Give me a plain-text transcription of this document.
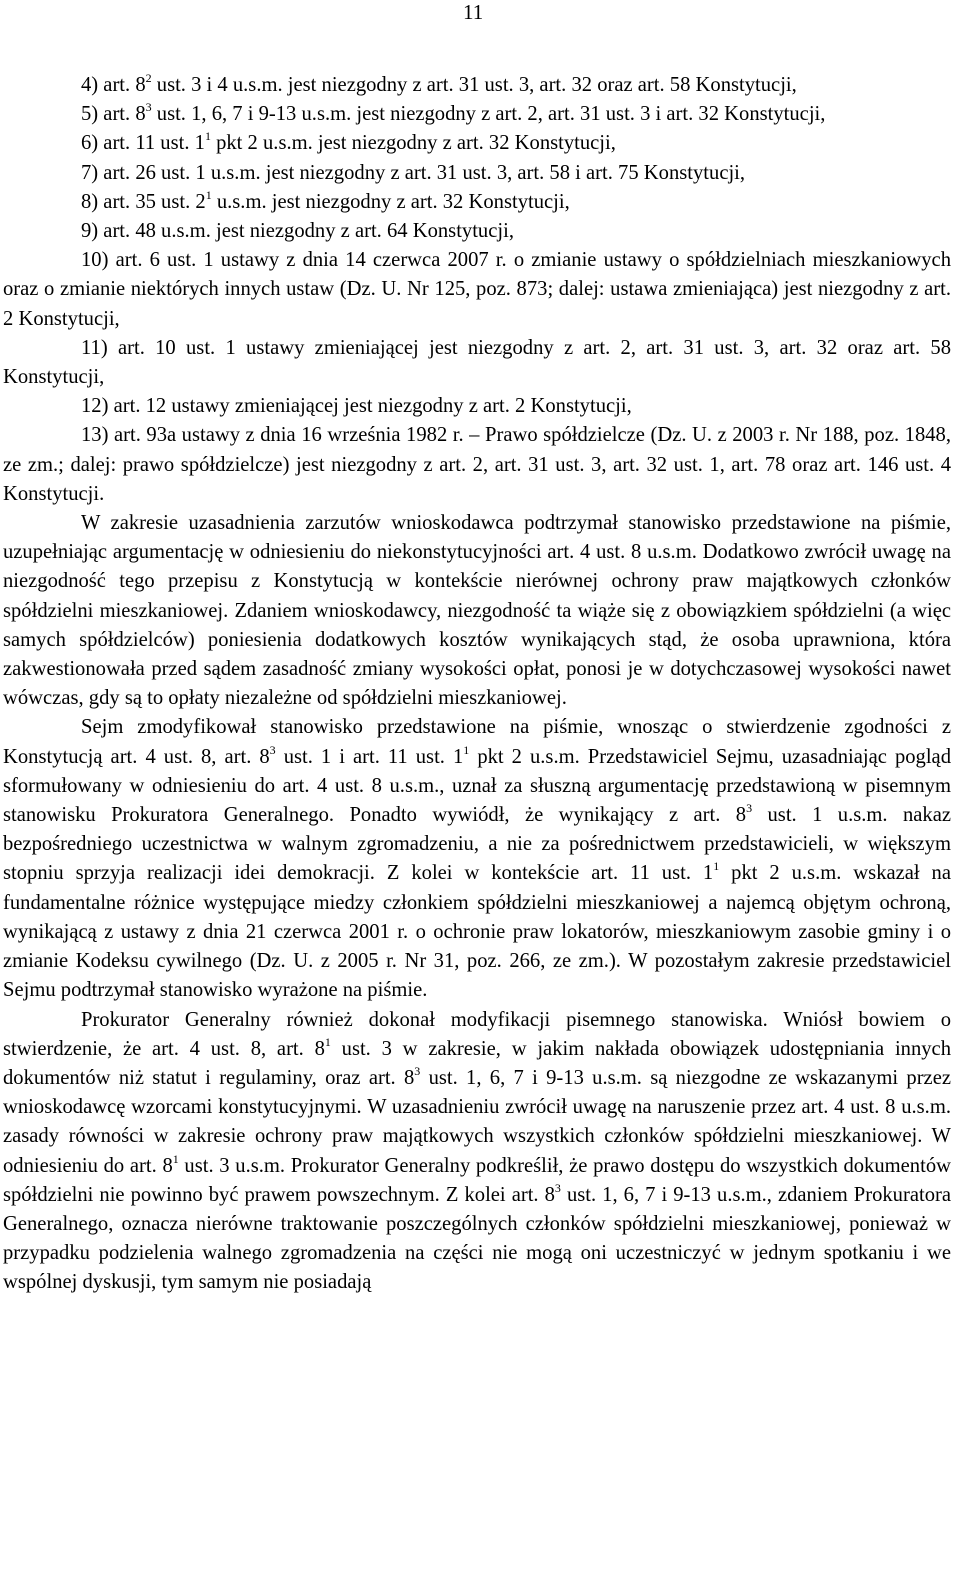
11

4) art. $8^2$ ust. 3 i 4 u.s.m. jest niezgodny z art. 31 ust. 3, art. 32 oraz art. 58 Konstytucji,

5) art. $8^3$ ust. 1, 6, 7 i 9-13 u.s.m. jest niezgodny z art. 2, art. 31 ust. 3 i art. 32 Konstytucji,

6) art. 11 ust. $1^1$ pkt 2 u.s.m. jest niezgodny z art. 32 Konstytucji,

7) art. 26 ust. 1 u.s.m. jest niezgodny z art. 31 ust. 3, art. 58 i art. 75 Konstytucji,

8) art. 35 ust. $2^1$ u.s.m. jest niezgodny z art. 32 Konstytucji,

9) art. 48 u.s.m. jest niezgodny z art. 64 Konstytucji,

10) art. 6 ust. 1 ustawy z dnia 14 czerwca 2007 r. o zmianie ustawy o spółdzielniach mieszkaniowych oraz o zmianie niektórych innych ustaw (Dz. U. Nr 125, poz. 873; dalej: ustawa zmieniająca) jest niezgodny z art. 2 Konstytucji,

11) art. 10 ust. 1 ustawy zmieniającej jest niezgodny z art. 2, art. 31 ust. 3, art. 32 oraz art. 58 Konstytucji,

12) art. 12 ustawy zmieniającej jest niezgodny z art. 2 Konstytucji,

13) art. 93a ustawy z dnia 16 września 1982 r. – Prawo spółdzielcze (Dz. U. z 2003 r. Nr 188, poz. 1848, ze zm.; dalej: prawo spółdzielcze) jest niezgodny z art. 2, art. 31 ust. 3, art. 32 ust. 1, art. 78 oraz art. 146 ust. 4 Konstytucji.

W zakresie uzasadnienia zarzutów wnioskodawca podtrzymał stanowisko przedstawione na piśmie, uzupełniając argumentację w odniesieniu do niekonstytucyjności art. 4 ust. 8 u.s.m. Dodatkowo zwrócił uwagę na niezgodność tego przepisu z Konstytucją w kontekście nierównej ochrony praw majątkowych członków spółdzielni mieszkaniowej. Zdaniem wnioskodawcy, niezgodność ta wiąże się z obowiązkiem spółdzielni (a więc samych spółdzielców) poniesienia dodatkowych kosztów wynikających stąd, że osoba uprawniona, która zakwestionowała przed sądem zasadność zmiany wysokości opłat, ponosi je w dotychczasowej wysokości nawet wówczas, gdy są to opłaty niezależne od spółdzielni mieszkaniowej.

Sejm zmodyfikował stanowisko przedstawione na piśmie, wnosząc o stwierdzenie zgodności z Konstytucją art. 4 ust. 8, art. $8^3$ ust. 1 i art. 11 ust. $1^1$ pkt 2 u.s.m. Przedstawiciel Sejmu, uzasadniając pogląd sformułowany w odniesieniu do art. 4 ust. 8 u.s.m., uznał za słuszną argumentację przedstawioną w pisemnym stanowisku Prokuratora Generalnego. Ponadto wywiódł, że wynikający z art. $8^3$ ust. 1 u.s.m. nakaz bezpośredniego uczestnictwa w walnym zgromadzeniu, a nie za pośrednictwem przedstawicieli, w większym stopniu sprzyja realizacji idei demokracji. Z kolei w kontekście art. 11 ust. $1^1$ pkt 2 u.s.m. wskazał na fundamentalne różnice występujące miedzy członkiem spółdzielni mieszkaniowej a najemcą objętym ochroną, wynikającą z ustawy z dnia 21 czerwca 2001 r. o ochronie praw lokatorów, mieszkaniowym zasobie gminy i o zmianie Kodeksu cywilnego (Dz. U. z 2005 r. Nr 31, poz. 266, ze zm.). W pozostałym zakresie przedstawiciel Sejmu podtrzymał stanowisko wyrażone na piśmie.

Prokurator Generalny również dokonał modyfikacji pisemnego stanowiska. Wniósł bowiem o stwierdzenie, że art. 4 ust. 8, art. $8^1$ ust. 3 w zakresie, w jakim nakłada obowiązek udostępniania innych dokumentów niż statut i regulaminy, oraz art. $8^3$ ust. 1, 6, 7 i 9-13 u.s.m. są niezgodne ze wskazanymi przez wnioskodawcę wzorcami konstytucyjnymi. W uzasadnieniu zwrócił uwagę na naruszenie przez art. 4 ust. 8 u.s.m. zasady równości w zakresie ochrony praw majątkowych wszystkich członków spółdzielni mieszkaniowej. W odniesieniu do art. $8^1$ ust. 3 u.s.m. Prokurator Generalny podkreślił, że prawo dostępu do wszystkich dokumentów spółdzielni nie powinno być prawem powszechnym. Z kolei art. $8^3$ ust. 1, 6, 7 i 9-13 u.s.m., zdaniem Prokuratora Generalnego, oznacza nierówne traktowanie poszczególnych członków spółdzielni mieszkaniowej, ponieważ w przypadku podzielenia walnego zgromadzenia na części nie mogą oni uczestniczyć w jednym spotkaniu i we wspólnej dyskusji, tym samym nie posiadają
